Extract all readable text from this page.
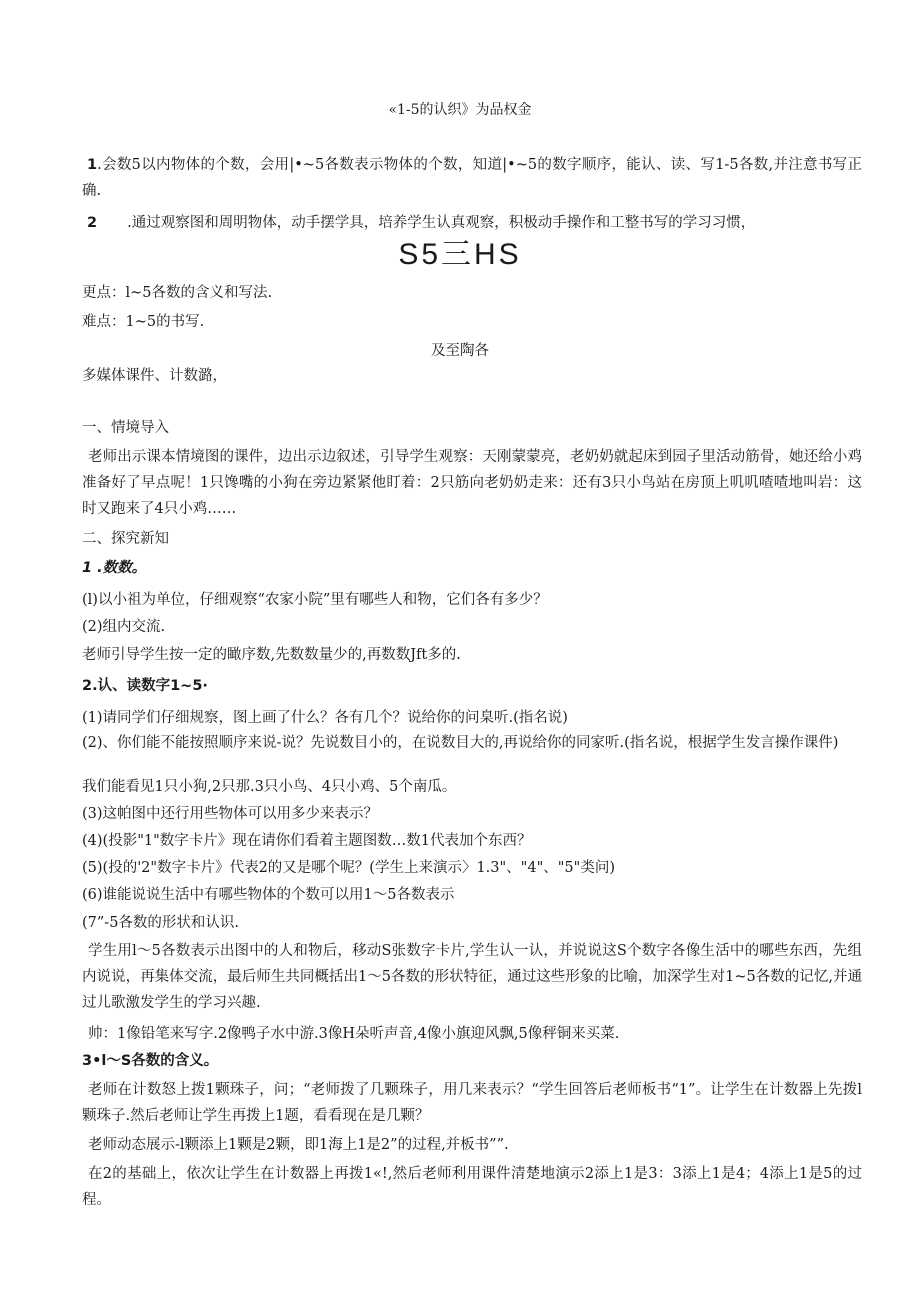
«1-5的认织》为品权金
1.会数5以内物体的个数，会用|•~5各数表示物体的个数，知道|•~5的数字顺序，能认、读、写1-5各数,并注意书写正确.
2 .通过观察图和周明物体，动手摆学具，培养学生认真观察，积极动手操作和工整书写的学习习惯，
S5三HS
更点：l~5各数的含义和写法.
难点：1~5的书写.
及至陶各
多媒体课件、计数潞，
一、情境导入
老师出示课本情境图的课件，边出示边叙述，引导学生观察：天刚蒙蒙亮，老奶奶就起床到园子里活动筋骨，她还给小鸡准备好了早点呢！1只馋嘴的小狗在旁边紧紧他盯着：2只筋向老奶奶走来：还有3只小鸟站在房顶上叽叽喳喳地叫岩：这时又跑来了4只小鸡……
二、探究新知
1 .数数。
(l)以小祖为单位，仔细观察“农家小院”里有哪些人和物，它们各有多少？
(2)组内交流.
老师引导学生按一定的瞰序数,先数数量少的,再数数Jft多的.
2.认、读数字1~5·
(1)请同学们仔细规察，图上画了什么？各有几个？说给你的问臬听.(指名说)
(2)、你们能不能按照顺序来说-说？先说数目小的，在说数目大的,再说给你的同家听.(指名说，根据学生发言操作课件)
我们能看见1只小狗,2只那.3只小鸟、4只小鸡、5个南瓜。
(3)这帕图中还行用些物体可以用多少来表示？
(4)(投影"1"数字卡片》现在请你们看着主题图数…数1代表加个东西？
(5)(投的'2"数字卡片》代表2的又是哪个呢？(学生上来演示〉1.3"、"4"、"5"类问)
(6)谁能说说生活中有哪些物体的个数可以用1〜5各数表示
(7”-5各数的形状和认识.
学生用l〜5各数表示出图中的人和物后，移动S张数字卡片,学生认一认，并说说这S个数字各像生活中的哪些东西，先组内说说，再集体交流，最后师生共同概括出1〜5各数的形状特征，通过这些形象的比喻，加深学生对1~5各数的记忆,并通过儿歌激发学生的学习兴趣.
帅：1像铅笔来写字.2像鸭子水中游.3像H朵听声音,4像小旗迎风飘,5像秤铜来买菜.
3•l〜S各数的含义。
老师在计数怒上拨1颗珠子，问；“老师拨了几颗珠子，用几来表示？“学生回答后老师板书“1”。让学生在计数器上先拨l颗珠子.然后老师让学生再拨上1题，看看现在是几颗？
老师动态展示-l颗添上1颗是2颗，即1海上1是2”的过程,并板书””.
在2的基础上，依次让学生在计数器上再拨1«!,然后老师利用课件清楚地演示2添上1是3：3添上1是4；4添上1是5的过程。
